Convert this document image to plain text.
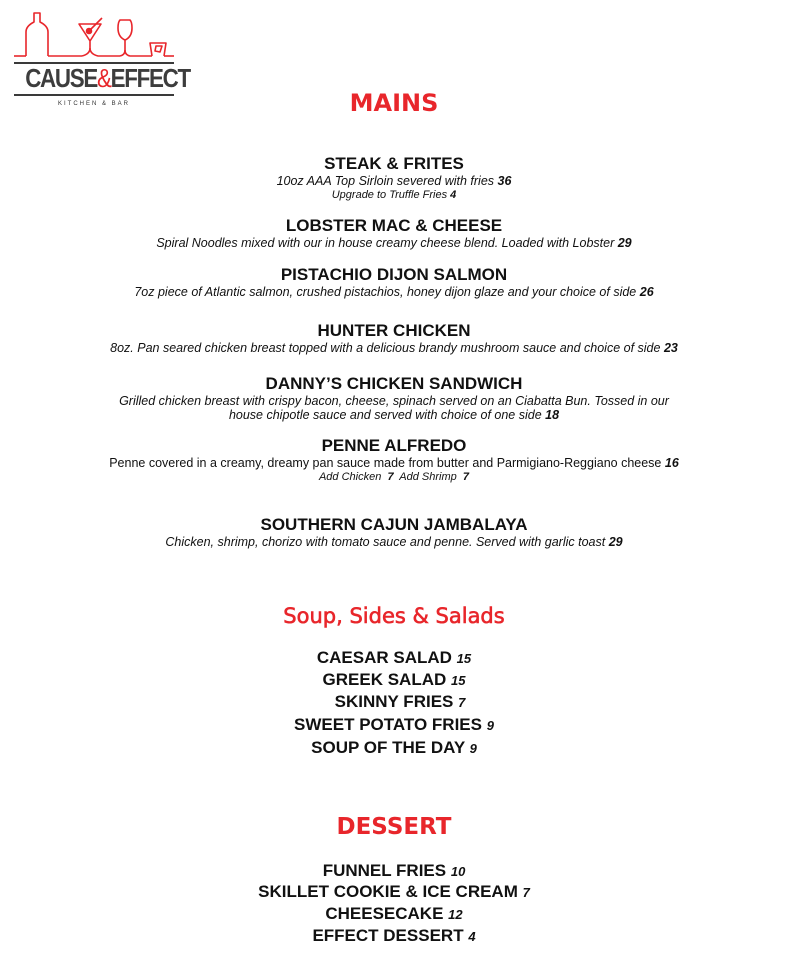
CAUSE&EFFECT
KITCHEN & BAR	MAINS
STEAK & FRITES
10oz AAA Top Sirloin severed with fries 36
Upgrade to Truffle Fries 4
LOBSTER MAC & CHEESE
Spiral Noodles mixed with our in house creamy cheese blend. Loaded with Lobster 29
PISTACHIO DIJON SALMON
7oz piece of Atlantic salmon, crushed pistachios, honey dijon glaze and your choice of side 26
HUNTER CHICKEN
8oz. Pan seared chicken breast topped with a delicious brandy mushroom sauce and choice of side 23
DANNY’S CHICKEN SANDWICH
Grilled chicken breast with crispy bacon, cheese, spinach served on an Ciabatta Bun. Tossed in our
house chipotle sauce and served with choice of one side 18
PENNE ALFREDO
Penne covered in a creamy, dreamy pan sauce made from butter and Parmigiano-Reggiano cheese 16
Add Chicken 7 Add Shrimp 7
SOUTHERN CAJUN JAMBALAYA
Chicken, shrimp, chorizo with tomato sauce and penne. Served with garlic toast 29
Soup, Sides & Salads
CAESAR SALAD 15
GREEK SALAD 15
SKINNY FRIES 7
SWEET POTATO FRIES 9
SOUP OF THE DAY 9
DESSERT
FUNNEL FRIES 10
SKILLET COOKIE & ICE CREAM 7
CHEESECAKE 12
EFFECT DESSERT 4
